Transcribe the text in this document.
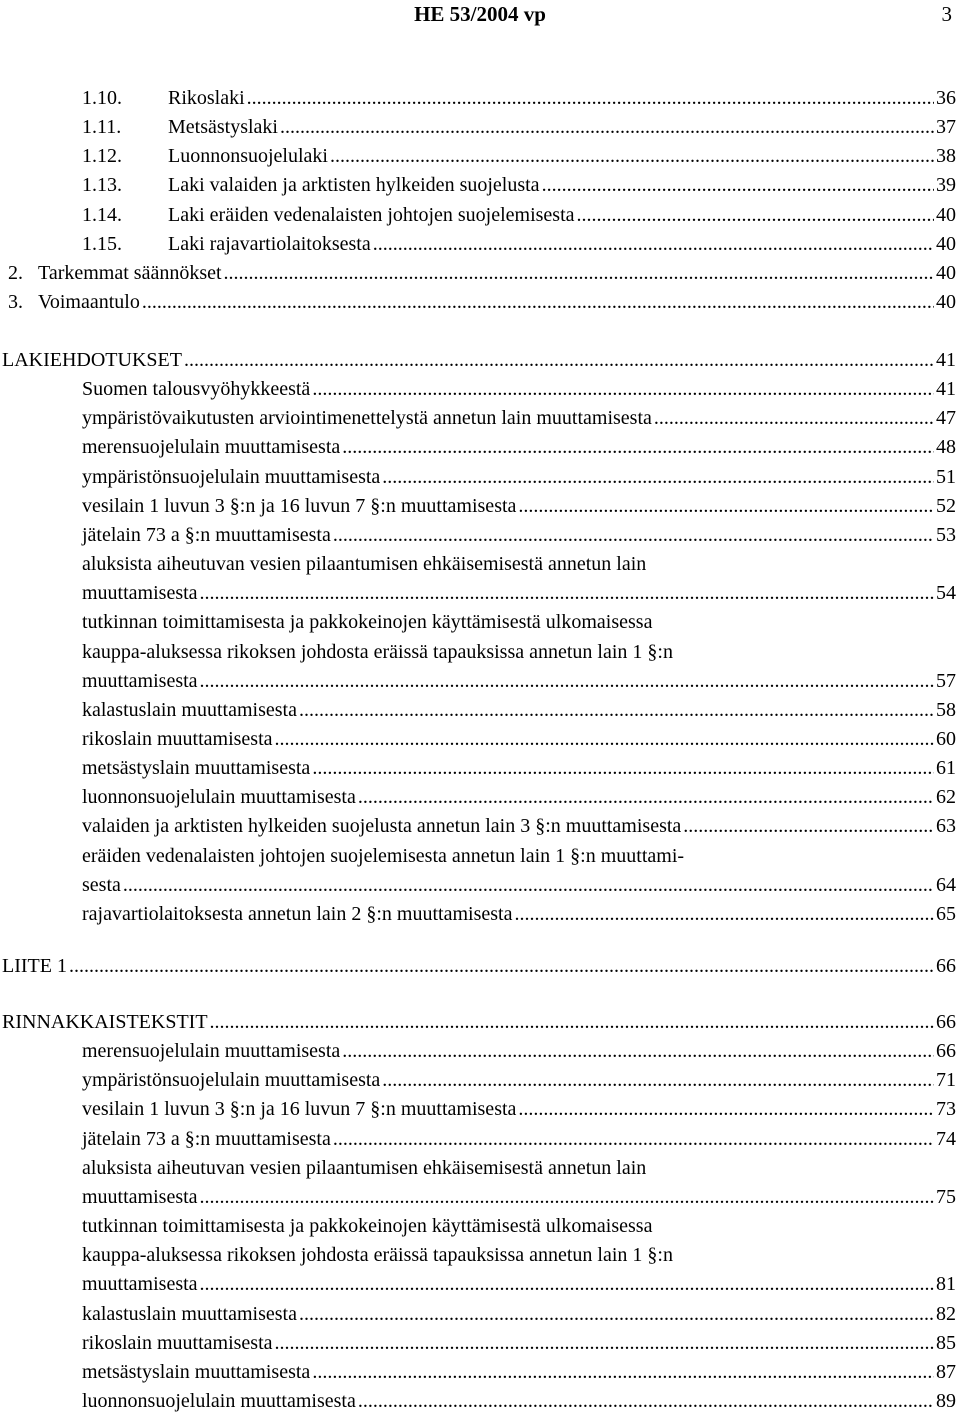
HE 53/2004 vp	3
1.10.	Rikoslaki .....	36
1.11.	Metsästyslaki .....	37
1.12.	Luonnonsuojelulaki .....	38
1.13.	Laki valaiden ja arktisten hylkeiden suojelusta .....	39
1.14.	Laki eräiden vedenalaisten johtojen suojelemisesta .....	40
1.15.	Laki rajavartiolaitoksesta .....	40
2. Tarkemmat säännökset .....	40
3. Voimaantulo .....	40
LAKIEHDOTUKSET .....	41
Suomen talousvyöhykkeestä .....	41
ympäristövaikutusten arviointimenettelystä annetun lain muuttamisesta .....	47
merensuojelulain muuttamisesta .....	48
ympäristönsuojelulain muuttamisesta .....	51
vesilain 1 luvun 3 §:n ja 16 luvun 7 §:n muuttamisesta .....	52
jätelain 73 a §:n muuttamisesta .....	53
aluksista aiheutuvan vesien pilaantumisen ehkäisemisestä annetun lain
muuttamisesta .....	54
tutkinnan toimittamisesta ja pakkokeinojen käyttämisestä ulkomaisessa
kauppa-aluksessa rikoksen johdosta eräissä tapauksissa annetun lain 1 §:n
muuttamisesta .....	57
kalastuslain muuttamisesta .....	58
rikoslain muuttamisesta .....	60
metsästyslain muuttamisesta .....	61
luonnonsuojelulain muuttamisesta .....	62
valaiden ja arktisten hylkeiden suojelusta annetun lain 3 §:n muuttamisesta .....	63
eräiden vedenalaisten johtojen suojelemisesta annetun lain 1 §:n muuttami-
sesta .....	64
rajavartiolaitoksesta annetun lain 2 §:n muuttamisesta .....	65
LIITE 1 .....	66
RINNAKKAISTEKSTIT .....	66
merensuojelulain muuttamisesta .....	66
ympäristönsuojelulain muuttamisesta .....	71
vesilain 1 luvun 3 §:n ja 16 luvun 7 §:n muuttamisesta .....	73
jätelain 73 a §:n muuttamisesta .....	74
aluksista aiheutuvan vesien pilaantumisen ehkäisemisestä annetun lain
muuttamisesta .....	75
tutkinnan toimittamisesta ja pakkokeinojen käyttämisestä ulkomaisessa
kauppa-aluksessa rikoksen johdosta eräissä tapauksissa annetun lain 1 §:n
muuttamisesta .....	81
kalastuslain muuttamisesta .....	82
rikoslain muuttamisesta .....	85
metsästyslain muuttamisesta .....	87
luonnonsuojelulain muuttamisesta .....	89
